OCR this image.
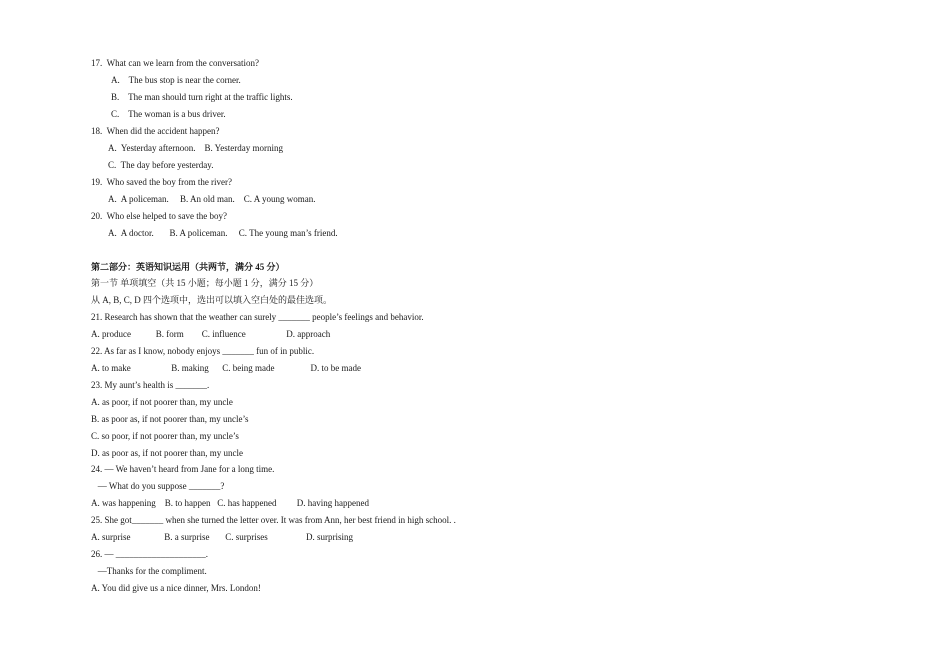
17.  What can we learn from the conversation?
A.    The bus stop is near the corner.
B.    The man should turn right at the traffic lights.
C.    The woman is a bus driver.
18.  When did the accident happen?
A.  Yesterday afternoon.    B. Yesterday morning
C.  The day before yesterday.
19.  Who saved the boy from the river?
A.  A policeman.     B. An old man.    C. A young woman.
20.  Who else helped to save the boy?
A.  A doctor.       B. A policeman.     C. The young man’s friend.
第二部分：英语知识运用（共两节，满分 45 分）
第一节 单项填空（共 15 小题；每小题 1 分，满分 15 分）
从 A, B, C, D 四个选项中，选出可以填入空白处的最佳选项。
21. Research has shown that the weather can surely _______ people’s feelings and behavior.
A. produce           B. form        C. influence                  D. approach
22. As far as I know, nobody enjoys _______ fun of in public.
A. to make                  B. making      C. being made                D. to be made
23. My aunt’s health is _______.
A. as poor, if not poorer than, my uncle
B. as poor as, if not poorer than, my uncle’s
C. so poor, if not poorer than, my uncle’s
D. as poor as, if not poorer than, my uncle
24. — We haven’t heard from Jane for a long time.
— What do you suppose _______?
A. was happening    B. to happen   C. has happened         D. having happened
25. She got_______ when she turned the letter over. It was from Ann, her best friend in high school. .
A. surprise               B. a surprise       C. surprises                 D. surprising
26. — ____________________.
—Thanks for the compliment.
A. You did give us a nice dinner, Mrs. London!
